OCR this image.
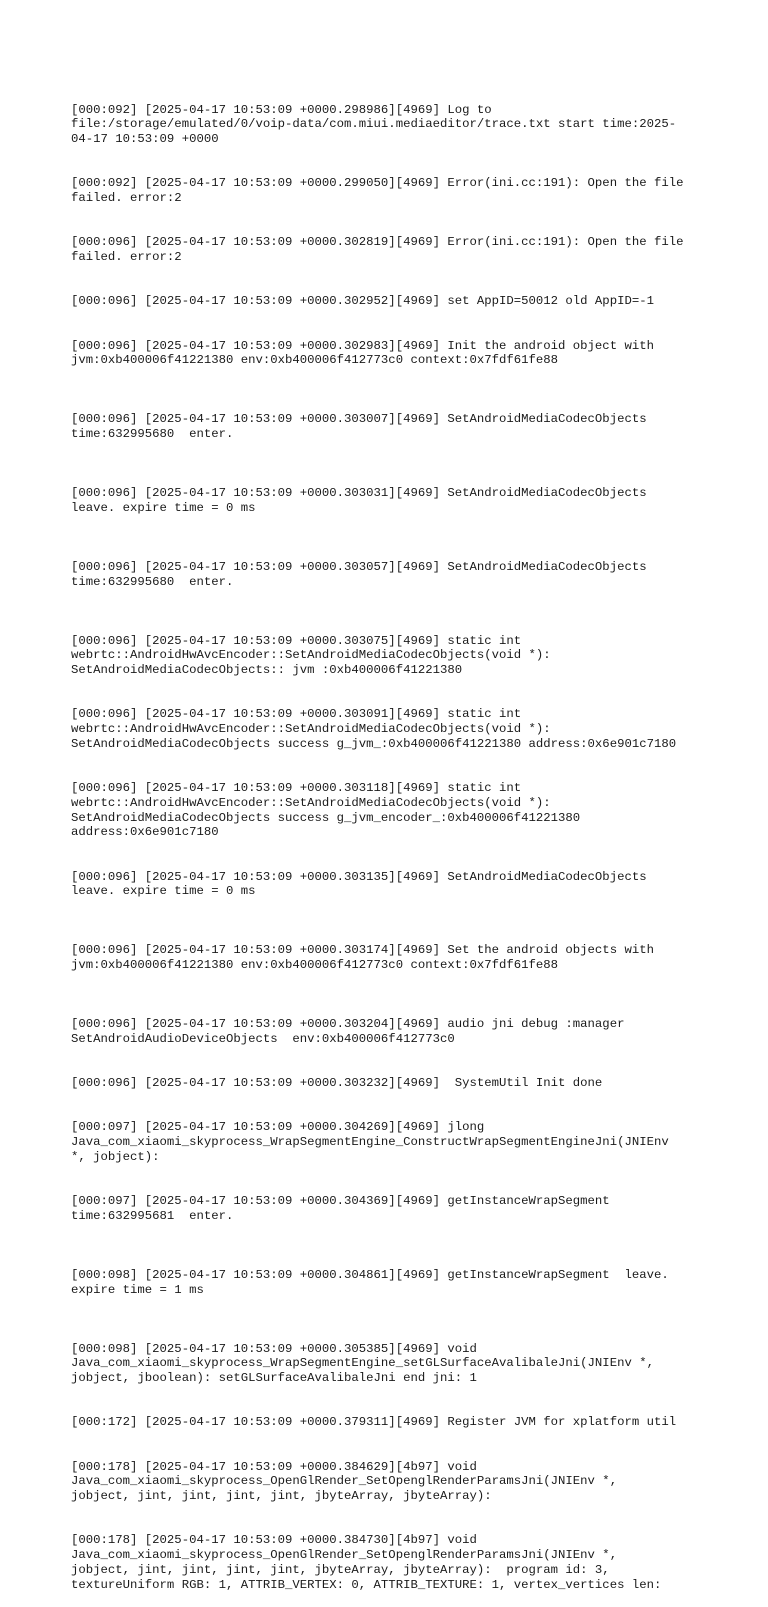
[000:092] [2025-04-17 10:53:09 +0000.298986][4969] Log to
file:/storage/emulated/0/voip-data/com.miui.mediaeditor/trace.txt start time:2025-
04-17 10:53:09 +0000

[000:092] [2025-04-17 10:53:09 +0000.299050][4969] Error(ini.cc:191): Open the file
failed. error:2

[000:096] [2025-04-17 10:53:09 +0000.302819][4969] Error(ini.cc:191): Open the file
failed. error:2

[000:096] [2025-04-17 10:53:09 +0000.302952][4969] set AppID=50012 old AppID=-1

[000:096] [2025-04-17 10:53:09 +0000.302983][4969] Init the android object with
jvm:0xb400006f41221380 env:0xb400006f412773c0 context:0x7fdf61fe88

[000:096] [2025-04-17 10:53:09 +0000.303007][4969] SetAndroidMediaCodecObjects
time:632995680  enter.

[000:096] [2025-04-17 10:53:09 +0000.303031][4969] SetAndroidMediaCodecObjects
leave. expire time = 0 ms

[000:096] [2025-04-17 10:53:09 +0000.303057][4969] SetAndroidMediaCodecObjects
time:632995680  enter.

[000:096] [2025-04-17 10:53:09 +0000.303075][4969] static int
webrtc::AndroidHwAvcEncoder::SetAndroidMediaCodecObjects(void *):
SetAndroidMediaCodecObjects:: jvm :0xb400006f41221380

[000:096] [2025-04-17 10:53:09 +0000.303091][4969] static int
webrtc::AndroidHwAvcEncoder::SetAndroidMediaCodecObjects(void *):
SetAndroidMediaCodecObjects success g_jvm_:0xb400006f41221380 address:0x6e901c7180

[000:096] [2025-04-17 10:53:09 +0000.303118][4969] static int
webrtc::AndroidHwAvcEncoder::SetAndroidMediaCodecObjects(void *):
SetAndroidMediaCodecObjects success g_jvm_encoder_:0xb400006f41221380
address:0x6e901c7180

[000:096] [2025-04-17 10:53:09 +0000.303135][4969] SetAndroidMediaCodecObjects
leave. expire time = 0 ms

[000:096] [2025-04-17 10:53:09 +0000.303174][4969] Set the android objects with
jvm:0xb400006f41221380 env:0xb400006f412773c0 context:0x7fdf61fe88

[000:096] [2025-04-17 10:53:09 +0000.303204][4969] audio jni debug :manager
SetAndroidAudioDeviceObjects  env:0xb400006f412773c0

[000:096] [2025-04-17 10:53:09 +0000.303232][4969]  SystemUtil Init done

[000:097] [2025-04-17 10:53:09 +0000.304269][4969] jlong
Java_com_xiaomi_skyprocess_WrapSegmentEngine_ConstructWrapSegmentEngineJni(JNIEnv
*, jobject):

[000:097] [2025-04-17 10:53:09 +0000.304369][4969] getInstanceWrapSegment
time:632995681  enter.

[000:098] [2025-04-17 10:53:09 +0000.304861][4969] getInstanceWrapSegment  leave.
expire time = 1 ms

[000:098] [2025-04-17 10:53:09 +0000.305385][4969] void
Java_com_xiaomi_skyprocess_WrapSegmentEngine_setGLSurfaceAvalibaleJni(JNIEnv *,
jobject, jboolean): setGLSurfaceAvalibaleJni end jni: 1

[000:172] [2025-04-17 10:53:09 +0000.379311][4969] Register JVM for xplatform util

[000:178] [2025-04-17 10:53:09 +0000.384629][4b97] void
Java_com_xiaomi_skyprocess_OpenGlRender_SetOpenglRenderParamsJni(JNIEnv *,
jobject, jint, jint, jint, jint, jbyteArray, jbyteArray):

[000:178] [2025-04-17 10:53:09 +0000.384730][4b97] void
Java_com_xiaomi_skyprocess_OpenGlRender_SetOpenglRenderParamsJni(JNIEnv *,
jobject, jint, jint, jint, jint, jbyteArray, jbyteArray):  program id: 3,
textureUniform RGB: 1, ATTRIB_VERTEX: 0, ATTRIB_TEXTURE: 1, vertex_vertices len:
